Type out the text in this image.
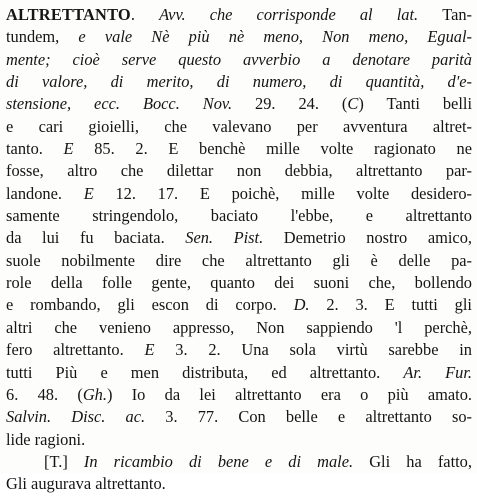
ALTRETTANTO. Avv. che corrisponde al lat. Tan-
tundem, e vale Nè più nè meno, Non meno, Egual-
mente; cioè serve questo avverbio a denotare parità
di valore, di merito, di numero, di quantità, d'e-
stensione, ecc. Bocc. Nov. 29. 24. (C) Tanti belli
e cari gioielli, che valevano per avventura altret-
tanto. E 85. 2. E benchè mille volte ragionato ne
fosse, altro che dilettar non debbia, altrettanto par-
landone. E 12. 17. E poichè, mille volte desidero-
samente stringendolo, baciato l'ebbe, e altrettanto
da lui fu baciata. Sen. Pist. Demetrio nostro amico,
suole nobilmente dire che altrettanto gli è delle pa-
role della folle gente, quanto dei suoni che, bollendo
e rombando, gli escon di corpo. D. 2. 3. E tutti gli
altri che venieno appresso, Non sappiendo 'l perchè,
fero altrettanto. E 3. 2. Una sola virtù sarebbe in
tutti Più e men distributa, ed altrettanto. Ar. Fur.
6. 48. (Gh.) Io da lei altrettanto era o più amato.
Salvin. Disc. ac. 3. 77. Con belle e altrettanto so-
lide ragioni.
[T.] In ricambio di bene e di male. Gli ha fatto,
Gli augurava altrettanto.
